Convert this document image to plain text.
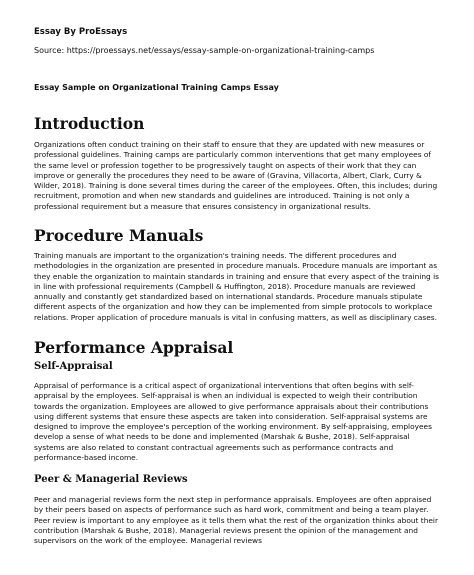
Essay By ProEssays
Source: https://proessays.net/essays/essay-sample-on-organizational-training-camps
Essay Sample on Organizational Training Camps Essay
Introduction

Organizations often conduct training on their staff to ensure that they are updated with new measures or professional guidelines. Training camps are particularly common interventions that get many employees of the same level or profession together to be progressively taught on aspects of their work that they can improve or generally the procedures they need to be aware of (Gravina, Villacorta, Albert, Clark, Curry & Wilder, 2018). Training is done several times during the career of the employees. Often, this includes; during recruitment, promotion and when new standards and guidelines are introduced. Training is not only a professional requirement but a measure that ensures consistency in organizational results.

Procedure Manuals

Training manuals are important to the organization's training needs. The different procedures and methodologies in the organization are presented in procedure manuals. Procedure manuals are important as they enable the organization to maintain standards in training and ensure that every aspect of the training is in line with professional requirements (Campbell & Huffington, 2018). Procedure manuals are reviewed annually and constantly get standardized based on international standards. Procedure manuals stipulate different aspects of the organization and how they can be implemented from simple protocols to workplace relations. Proper application of procedure manuals is vital in confusing matters, as well as disciplinary cases.

Performance Appraisal
Self-Appraisal

Appraisal of performance is a critical aspect of organizational interventions that often begins with self-appraisal by the employees. Self-appraisal is when an individual is expected to weigh their contribution towards the organization. Employees are allowed to give performance appraisals about their contributions using different systems that ensure these aspects are taken into consideration. Self-appraisal systems are designed to improve the employee's perception of the working environment. By self-appraising, employees develop a sense of what needs to be done and implemented (Marshak & Bushe, 2018). Self-appraisal systems are also related to constant contractual agreements such as performance contracts and performance-based income.

Peer & Managerial Reviews

Peer and managerial reviews form the next step in performance appraisals. Employees are often appraised by their peers based on aspects of performance such as hard work, commitment and being a team player. Peer review is important to any employee as it tells them what the rest of the organization thinks about their contribution (Marshak & Bushe, 2018). Managerial reviews present the opinion of the management and supervisors on the work of the employee. Managerial reviews
